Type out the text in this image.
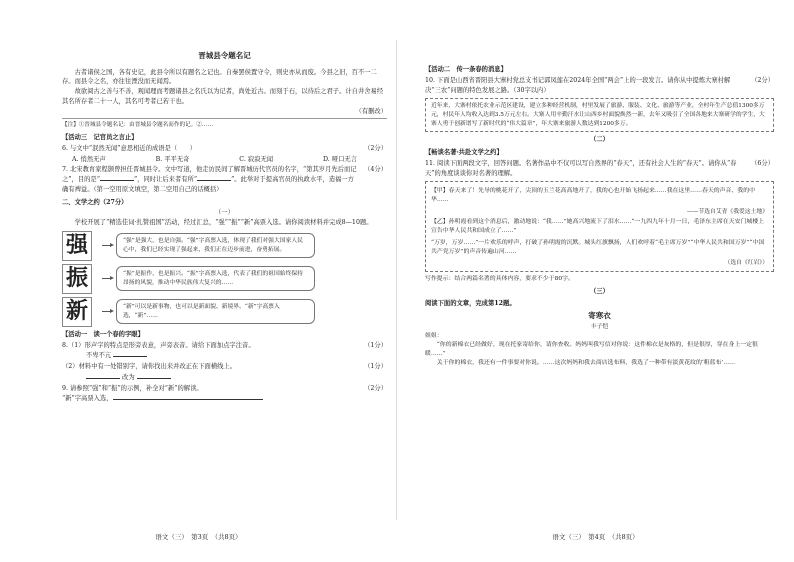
晋城县令题名记

古者诸侯之国，各有史记，此县令所以有题名之记也。自秦罢侯置守令，则史亦从而废。今县之旧，百不一二存。而县令之名，亦往往湮没而无闻焉。

故欲阅古之善与不善，观闻理而考题诸县之名氏以为记者，尚处近古。而刻于石，以待后之君子。计自井舍易经其名所存者二十一人，其名可考者已若干也。

（有删改）

【注】①晋城县令题名记：由晋城县令题名而作的记。②……
【活动三　记官员之言止】
6. 与文中“泯然无闻”意思相近的成语是（　　）	（2分）
A. 悄然无声	B. 平平无奇	C. 寂寂无闻	D. 哑口无言
7. 北宋教育家程颢曾担任晋城县令。文中写道，他走访民间了解晋城历代官员的名字，“第其岁月先后而记之”，目的是“	”，同时让后来者有所“	”。此举对于提高官员的执政水平，造福一方确有裨益。（第一空用原文填空，第二空用自己的话概括）
（4分）
二、文学之约（27分）
（一）

学校开展了“精选佳词·扎赞祖国”活动，经过汇总，“强”“振”“新”高票入选。请你阅读材料并完成8—10题。

强	“强”是强大，也是自强。“强”字高票入选，体现了我们对强大国家人民心中，我们已经实现了强起来，我们正在迈步前进，奋勇拓展。
振	“振”是振作，也是振兴。“振”字高票入选，代表了我们的祖国始终保持昂扬的风貌，推动中华民族伟大复兴的……
新	“新”可以是新事物，也可以是新面貌、新境界。“新”字高票入选，“新”……
【活动一　读一个春的字眼】
8.（1）形声字的特点是形旁表意，声旁表音。请给下面加点字注音。	（1分）
不卑不亢
（2）材料中有一处错别字，请你找出来并改正在下面横线上。	（1分）
改为
9. 请参照“强”和“振”的示例，补全对“新”的解读。	（2分）
“新”字高票入选，
语文（三）　第3页　（共8页）
【活动二　传一条春的消息】
10. 下面是山西省晋阳县大寨村党总支书记郭凤莲在2024年全国“两会”上的一段发言。请你从中提炼大寨村解决“三农”问题的特色发展之路。（30字以内）
（2分）
近年来，大寨村依托农业示范区建设，建立多种经营机制，村里发展了旅游、服装、文化、旅游等产业，全村年生产总值1300多万元，村民年人均收入达到3.5万元左右。大寨人用辛勤汗水让山西乡村面貌焕然一新，去年又吸引了全国各地来大寨研学的学生，大寨人勇于创新谱写了新时代的“伟大篇章”，年大寨来旅游人数达到1200多万。
（二）
【畅谈名著·共赴文学之约】
11. 阅读下面两段文字，回答问题。名著作品中不仅可以写自然界的“春天”，还有社会人生的“春天”。请你从“春天”的角度谈谈你对名著的理解。
（6分）
【甲】春天来了！先导的桃花开了，尖顶的玉兰花高高地开了，我的心也开始飞扬起来……我在这里……春天的声音、我的中华……
——节选自艾青《我爱这土地》
【乙】孙明霞看到这个消息后，激动地说：“我……”她高兴地流下了泪水……“一九四九年十月一日，毛泽东主席在天安门城楼上宣告中华人民共和国成立了……”
“万岁，万岁……”一片欢乐的呼声，打破了孙明霞的沉默。城头红旗飘扬，人们欢呼着“毛主席万岁”“中华人民共和国万岁”“中国共产党万岁”的声音传遍山河……
（选自《红岩》）
写作提示：结合两篇名著的具体内容，要求不少于80字。
（三）
阅读下面的文章，完成第12题。
寄寒衣
丰子恺
姐姐：

“你的新棉衣已经做好，现在托家寄给你，请你查收。妈妈叫我写信对你说：这件棉衣是灰格的，但是很厚，穿在身上一定很暖……”

关于你的棉衣，我还有一件事要对你说。……这次妈妈和我去商店选布料，我选了一种带有淡黄花纹的‘粗蓝布’……

语文（三）　第4页　（共8页）
